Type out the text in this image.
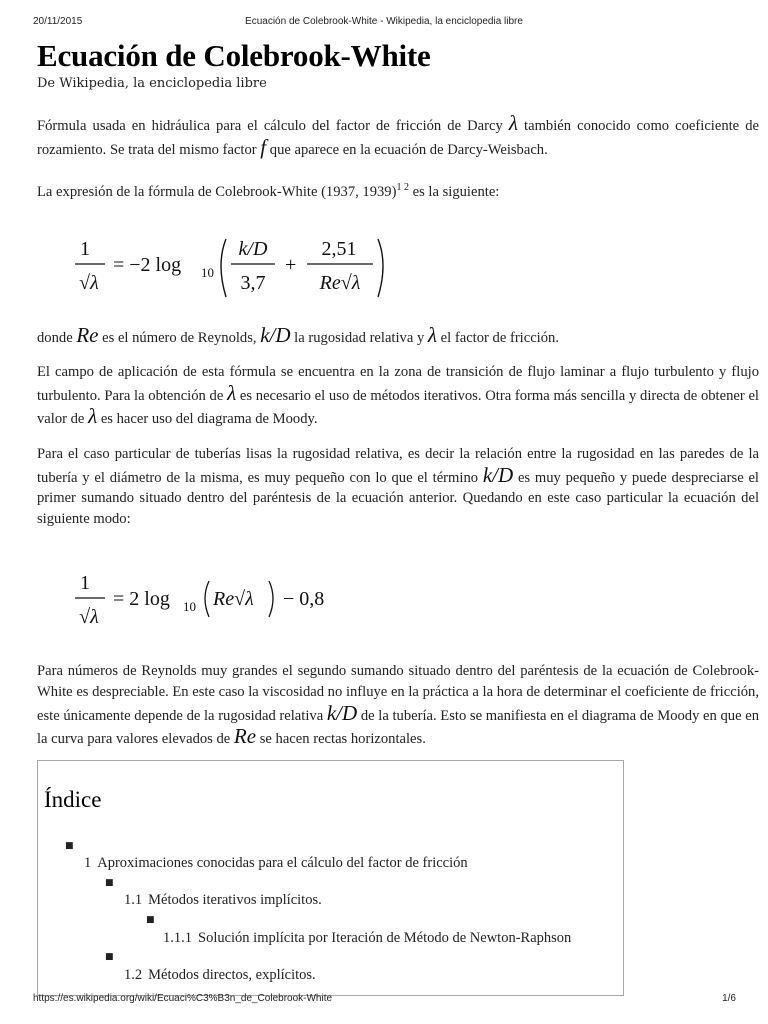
20/11/2015	Ecuación de Colebrook-White - Wikipedia, la enciclopedia libre
Ecuación de Colebrook-White
De Wikipedia, la enciclopedia libre

Fórmula usada en hidráulica para el cálculo del factor de fricción de Darcy λ también conocido como coeficiente de rozamiento. Se trata del mismo factor f que aparece en la ecuación de Darcy-Weisbach.

La expresión de la fórmula de Colebrook-White (1937, 1939)$^{1 2}$ es la siguiente:

1
√λ
= −2 log 10
k/D
3,7
+
2,51
Re√λ

donde Re es el número de Reynolds, k/D la rugosidad relativa y λ el factor de fricción.

El campo de aplicación de esta fórmula se encuentra en la zona de transición de flujo laminar a flujo turbulento y flujo turbulento. Para la obtención de λ es necesario el uso de métodos iterativos. Otra forma más sencilla y directa de obtener el valor de λ es hacer uso del diagrama de Moody.

Para el caso particular de tuberías lisas la rugosidad relativa, es decir la relación entre la rugosidad en las paredes de la tubería y el diámetro de la misma, es muy pequeño con lo que el término k/D es muy pequeño y puede despreciarse el primer sumando situado dentro del paréntesis de la ecuación anterior. Quedando en este caso particular la ecuación del siguiente modo:

1
√λ
= 2 log 10 Re√λ − 0,8

Para números de Reynolds muy grandes el segundo sumando situado dentro del paréntesis de la ecuación de Colebrook-White es despreciable. En este caso la viscosidad no influye en la práctica a la hora de determinar el coeficiente de fricción, este únicamente depende de la rugosidad relativa k/D de la tubería. Esto se manifiesta en el diagrama de Moody en que en la curva para valores elevados de Re se hacen rectas horizontales.

Índice
■
1 Aproximaciones conocidas para el cálculo del factor de fricción
■
1.1 Métodos iterativos implícitos.
■
1.1.1 Solución implícita por Iteración de Método de Newton-Raphson
■
1.2 Métodos directos, explícitos.
https://es.wikipedia.org/wiki/Ecuaci%C3%B3n_de_Colebrook-White	1/6
